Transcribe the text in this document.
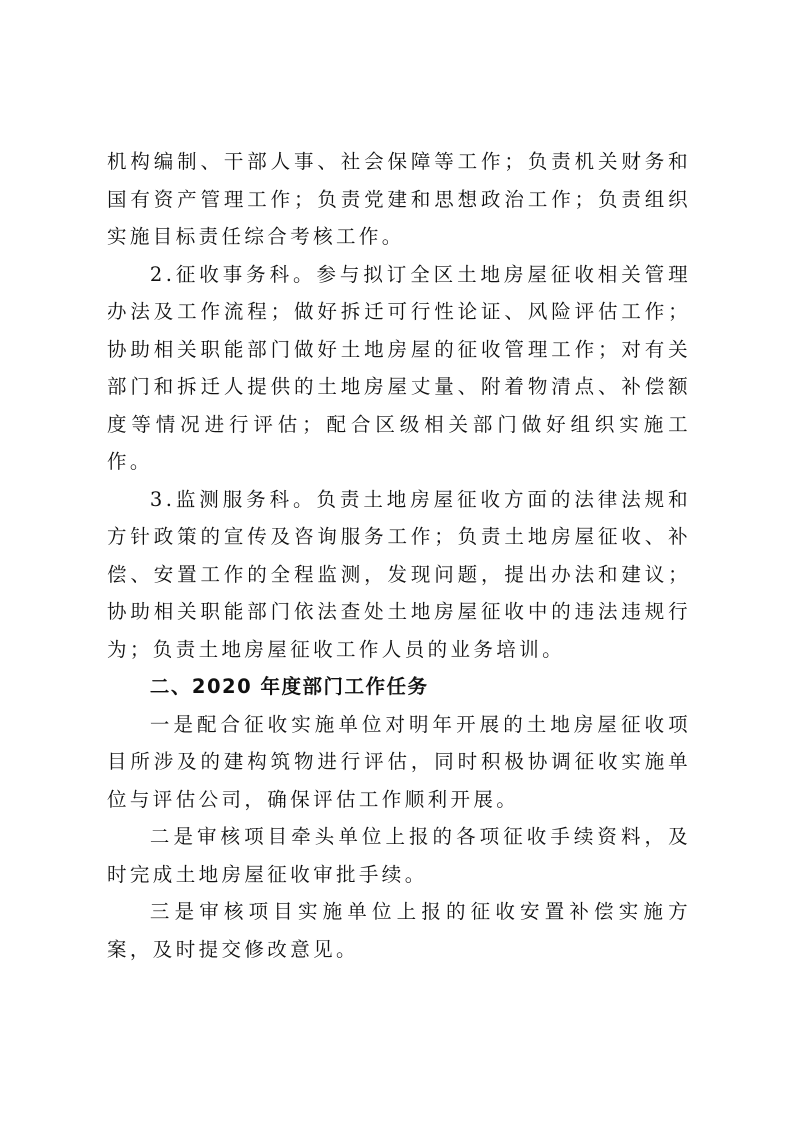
机构编制、干部人事、社会保障等工作；负责机关财务和国有资产管理工作；负责党建和思想政治工作；负责组织实施目标责任综合考核工作。

2.征收事务科。参与拟订全区土地房屋征收相关管理办法及工作流程；做好拆迁可行性论证、风险评估工作；协助相关职能部门做好土地房屋的征收管理工作；对有关部门和拆迁人提供的土地房屋丈量、附着物清点、补偿额度等情况进行评估；配合区级相关部门做好组织实施工作。

3.监测服务科。负责土地房屋征收方面的法律法规和方针政策的宣传及咨询服务工作；负责土地房屋征收、补偿、安置工作的全程监测，发现问题，提出办法和建议；协助相关职能部门依法查处土地房屋征收中的违法违规行为；负责土地房屋征收工作人员的业务培训。

二、2020 年度部门工作任务

一是配合征收实施单位对明年开展的土地房屋征收项目所涉及的建构筑物进行评估，同时积极协调征收实施单位与评估公司，确保评估工作顺利开展。

二是审核项目牵头单位上报的各项征收手续资料，及时完成土地房屋征收审批手续。

三是审核项目实施单位上报的征收安置补偿实施方案，及时提交修改意见。
